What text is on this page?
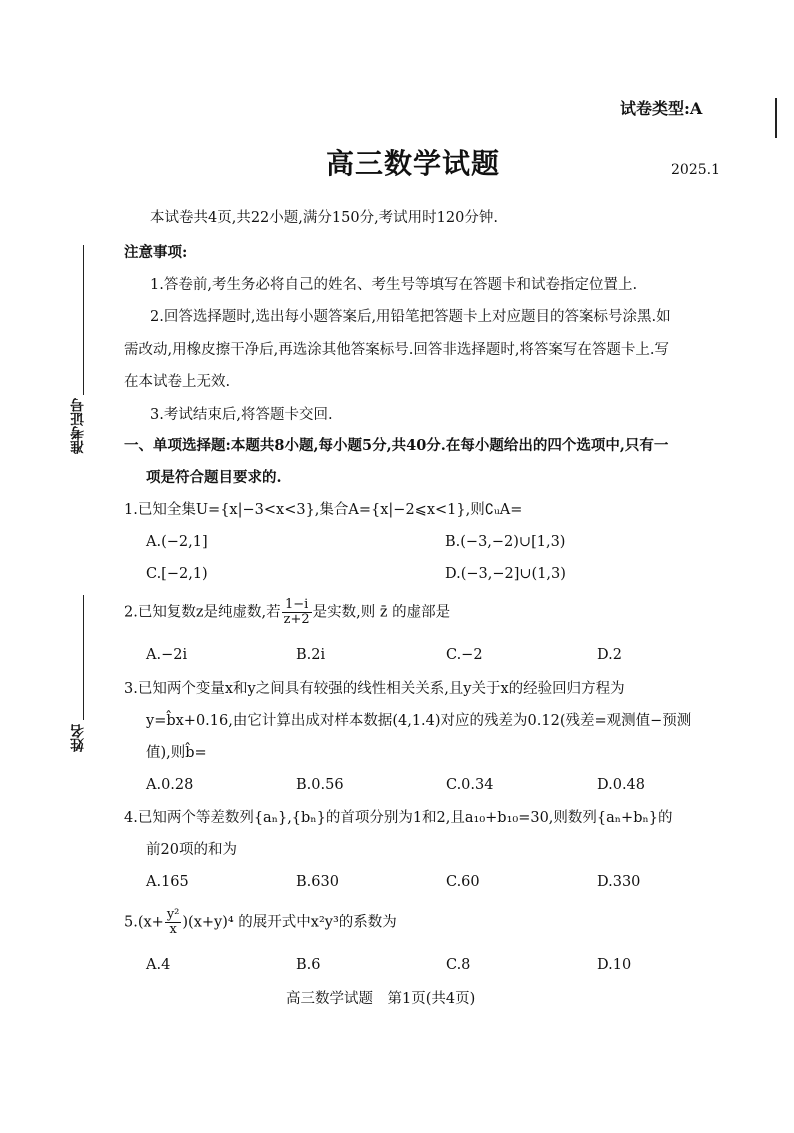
试卷类型:A
高三数学试题	2025.1
本试卷共4页,共22小题,满分150分,考试用时120分钟.
注意事项:
1.答卷前,考生务必将自己的姓名、考生号等填写在答题卡和试卷指定位置上.
2.回答选择题时,选出每小题答案后,用铅笔把答题卡上对应题目的答案标号涂黑.如
需改动,用橡皮擦干净后,再选涂其他答案标号.回答非选择题时,将答案写在答题卡上.写
在本试卷上无效.
3.考试结束后,将答题卡交回.
准考证号
姓名
一、单项选择题:本题共8小题,每小题5分,共40分.在每小题给出的四个选项中,只有一
项是符合题目要求的.
1.已知全集U={x|−3<x<3},集合A={x|−2⩽x<1},则∁ᵤA=
A.(−2,1]	B.(−3,−2)∪[1,3)
C.[−2,1)	D.(−3,−2]∪(1,3)
2.已知复数z是纯虚数,若 $\frac{1-i}{z+2}$ 是实数,则 z̄ 的虚部是
A.−2i	B.2i	C.−2	D.2
3.已知两个变量x和y之间具有较强的线性相关关系,且y关于x的经验回归方程为
y=b̂x+0.16,由它计算出成对样本数据(4,1.4)对应的残差为0.12(残差=观测值−预测
值),则b̂=
A.0.28	B.0.56	C.0.34	D.0.48
4.已知两个等差数列{aₙ},{bₙ}的首项分别为1和2,且a₁₀+b₁₀=30,则数列{aₙ+bₙ}的
前20项的和为
A.165	B.630	C.60	D.330
$5.(x+ \frac{\text{y²}}{x} )(x+y)^4$ 的展开式中x²y³的系数为
A.4	B.6	C.8	D.10
高三数学试题　第1页(共4页)
